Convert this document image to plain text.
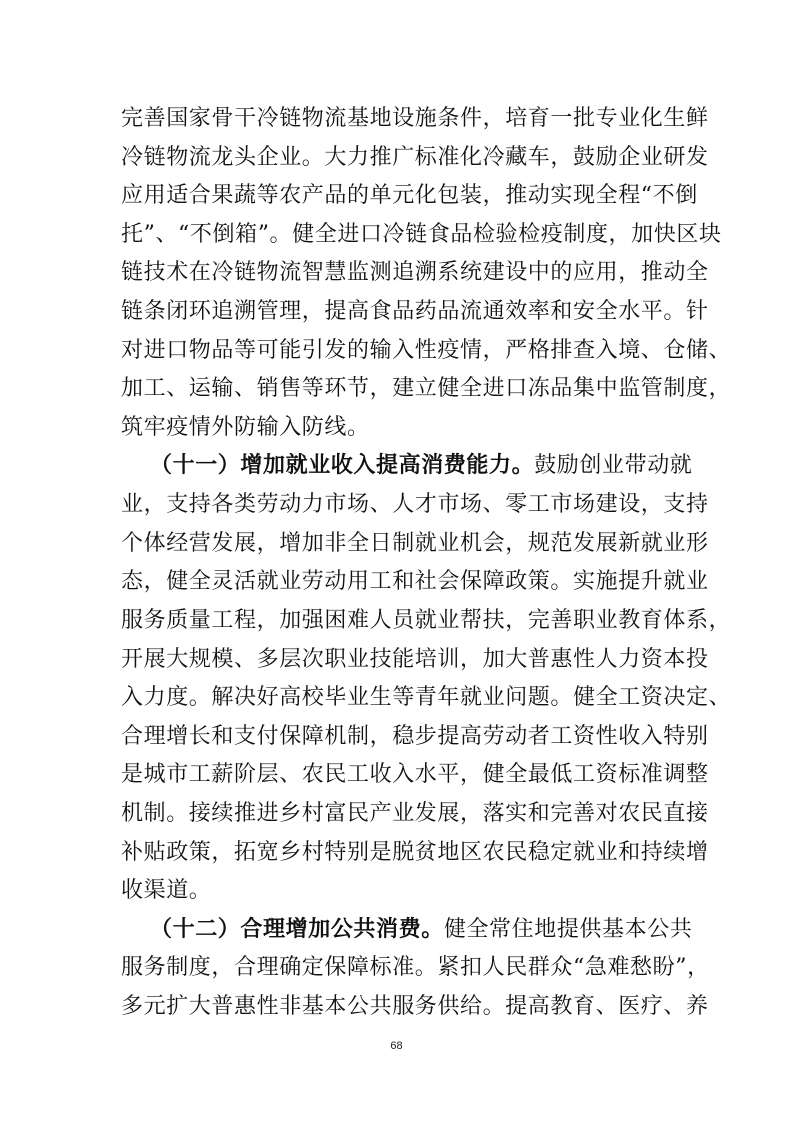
完善国家骨干冷链物流基地设施条件，培育一批专业化生鲜
冷链物流龙头企业。大力推广标准化冷藏车，鼓励企业研发
应用适合果蔬等农产品的单元化包装，推动实现全程“不倒
托”、“不倒箱”。健全进口冷链食品检验检疫制度，加快区块
链技术在冷链物流智慧监测追溯系统建设中的应用，推动全
链条闭环追溯管理，提高食品药品流通效率和安全水平。针
对进口物品等可能引发的输入性疫情，严格排查入境、仓储、
加工、运输、销售等环节，建立健全进口冻品集中监管制度，
筑牢疫情外防输入防线。
（十一）增加就业收入提高消费能力。鼓励创业带动就
业，支持各类劳动力市场、人才市场、零工市场建设，支持
个体经营发展，增加非全日制就业机会，规范发展新就业形
态，健全灵活就业劳动用工和社会保障政策。实施提升就业
服务质量工程，加强困难人员就业帮扶，完善职业教育体系，
开展大规模、多层次职业技能培训，加大普惠性人力资本投
入力度。解决好高校毕业生等青年就业问题。健全工资决定、
合理增长和支付保障机制，稳步提高劳动者工资性收入特别
是城市工薪阶层、农民工收入水平，健全最低工资标准调整
机制。接续推进乡村富民产业发展，落实和完善对农民直接
补贴政策，拓宽乡村特别是脱贫地区农民稳定就业和持续增
收渠道。
（十二）合理增加公共消费。健全常住地提供基本公共
68
服务制度，合理确定保障标准。紧扣人民群众“急难愁盼”，
多元扩大普惠性非基本公共服务供给。提高教育、医疗、养
